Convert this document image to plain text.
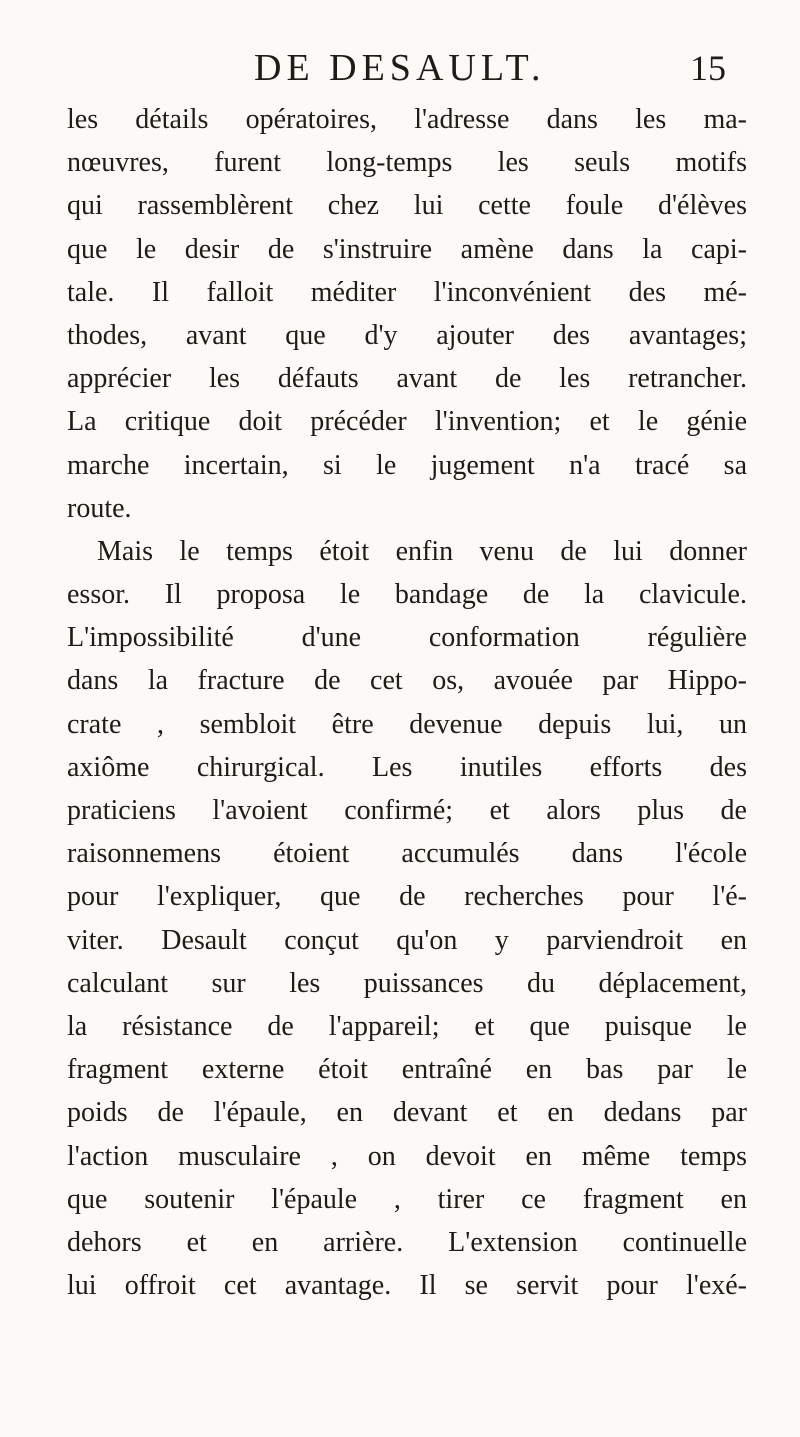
DE DESAULT.	15
les détails opératoires, l'adresse dans les ma-
nœuvres, furent long-temps les seuls motifs
qui rassemblèrent chez lui cette foule d'élèves
que le desir de s'instruire amène dans la capi-
tale. Il falloit méditer l'inconvénient des mé-
thodes, avant que d'y ajouter des avantages;
apprécier les défauts avant de les retrancher.
La critique doit précéder l'invention; et le génie
marche incertain, si le jugement n'a tracé sa
route.
Mais le temps étoit enfin venu de lui donner
essor. Il proposa le bandage de la clavicule.
L'impossibilité d'une conformation régulière
dans la fracture de cet os, avouée par Hippo-
crate , sembloit être devenue depuis lui, un
axiôme chirurgical. Les inutiles efforts des
praticiens l'avoient confirmé; et alors plus de
raisonnemens étoient accumulés dans l'école
pour l'expliquer, que de recherches pour l'é-
viter. Desault conçut qu'on y parviendroit en
calculant sur les puissances du déplacement,
la résistance de l'appareil; et que puisque le
fragment externe étoit entraîné en bas par le
poids de l'épaule, en devant et en dedans par
l'action musculaire , on devoit en même temps
que soutenir l'épaule , tirer ce fragment en
dehors et en arrière. L'extension continuelle
lui offroit cet avantage. Il se servit pour l'exé-
